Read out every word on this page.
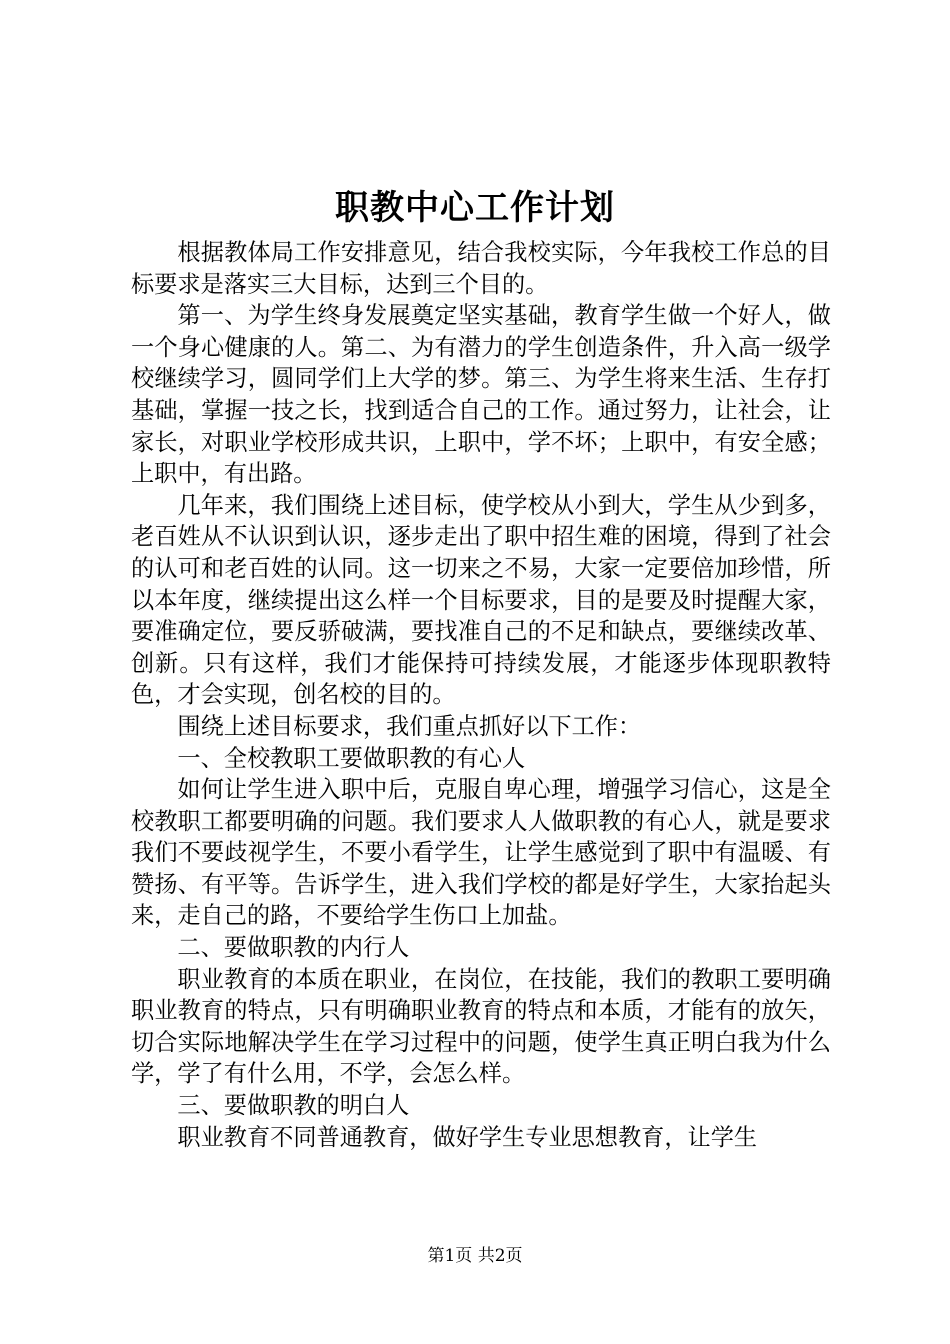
职教中心工作计划

根据教体局工作安排意见，结合我校实际，今年我校工作总的目标要求是落实三大目标，达到三个目的。

第一、为学生终身发展奠定坚实基础，教育学生做一个好人，做一个身心健康的人。第二、为有潜力的学生创造条件，升入高一级学校继续学习，圆同学们上大学的梦。第三、为学生将来生活、生存打基础，掌握一技之长，找到适合自己的工作。通过努力，让社会，让家长，对职业学校形成共识，上职中，学不坏；上职中，有安全感；上职中，有出路。

几年来，我们围绕上述目标，使学校从小到大，学生从少到多，老百姓从不认识到认识，逐步走出了职中招生难的困境，得到了社会的认可和老百姓的认同。这一切来之不易，大家一定要倍加珍惜，所以本年度，继续提出这么样一个目标要求，目的是要及时提醒大家，要准确定位，要反骄破满，要找准自己的不足和缺点，要继续改革、创新。只有这样，我们才能保持可持续发展，才能逐步体现职教特色，才会实现，创名校的目的。

围绕上述目标要求，我们重点抓好以下工作：

一、全校教职工要做职教的有心人

如何让学生进入职中后，克服自卑心理，增强学习信心，这是全校教职工都要明确的问题。我们要求人人做职教的有心人，就是要求我们不要歧视学生，不要小看学生，让学生感觉到了职中有温暖、有赞扬、有平等。告诉学生，进入我们学校的都是好学生，大家抬起头来，走自己的路，不要给学生伤口上加盐。

二、要做职教的内行人

职业教育的本质在职业，在岗位，在技能，我们的教职工要明确职业教育的特点，只有明确职业教育的特点和本质，才能有的放矢，切合实际地解决学生在学习过程中的问题，使学生真正明白我为什么学，学了有什么用，不学，会怎么样。

三、要做职教的明白人

职业教育不同普通教育，做好学生专业思想教育，让学生

第1页 共2页
